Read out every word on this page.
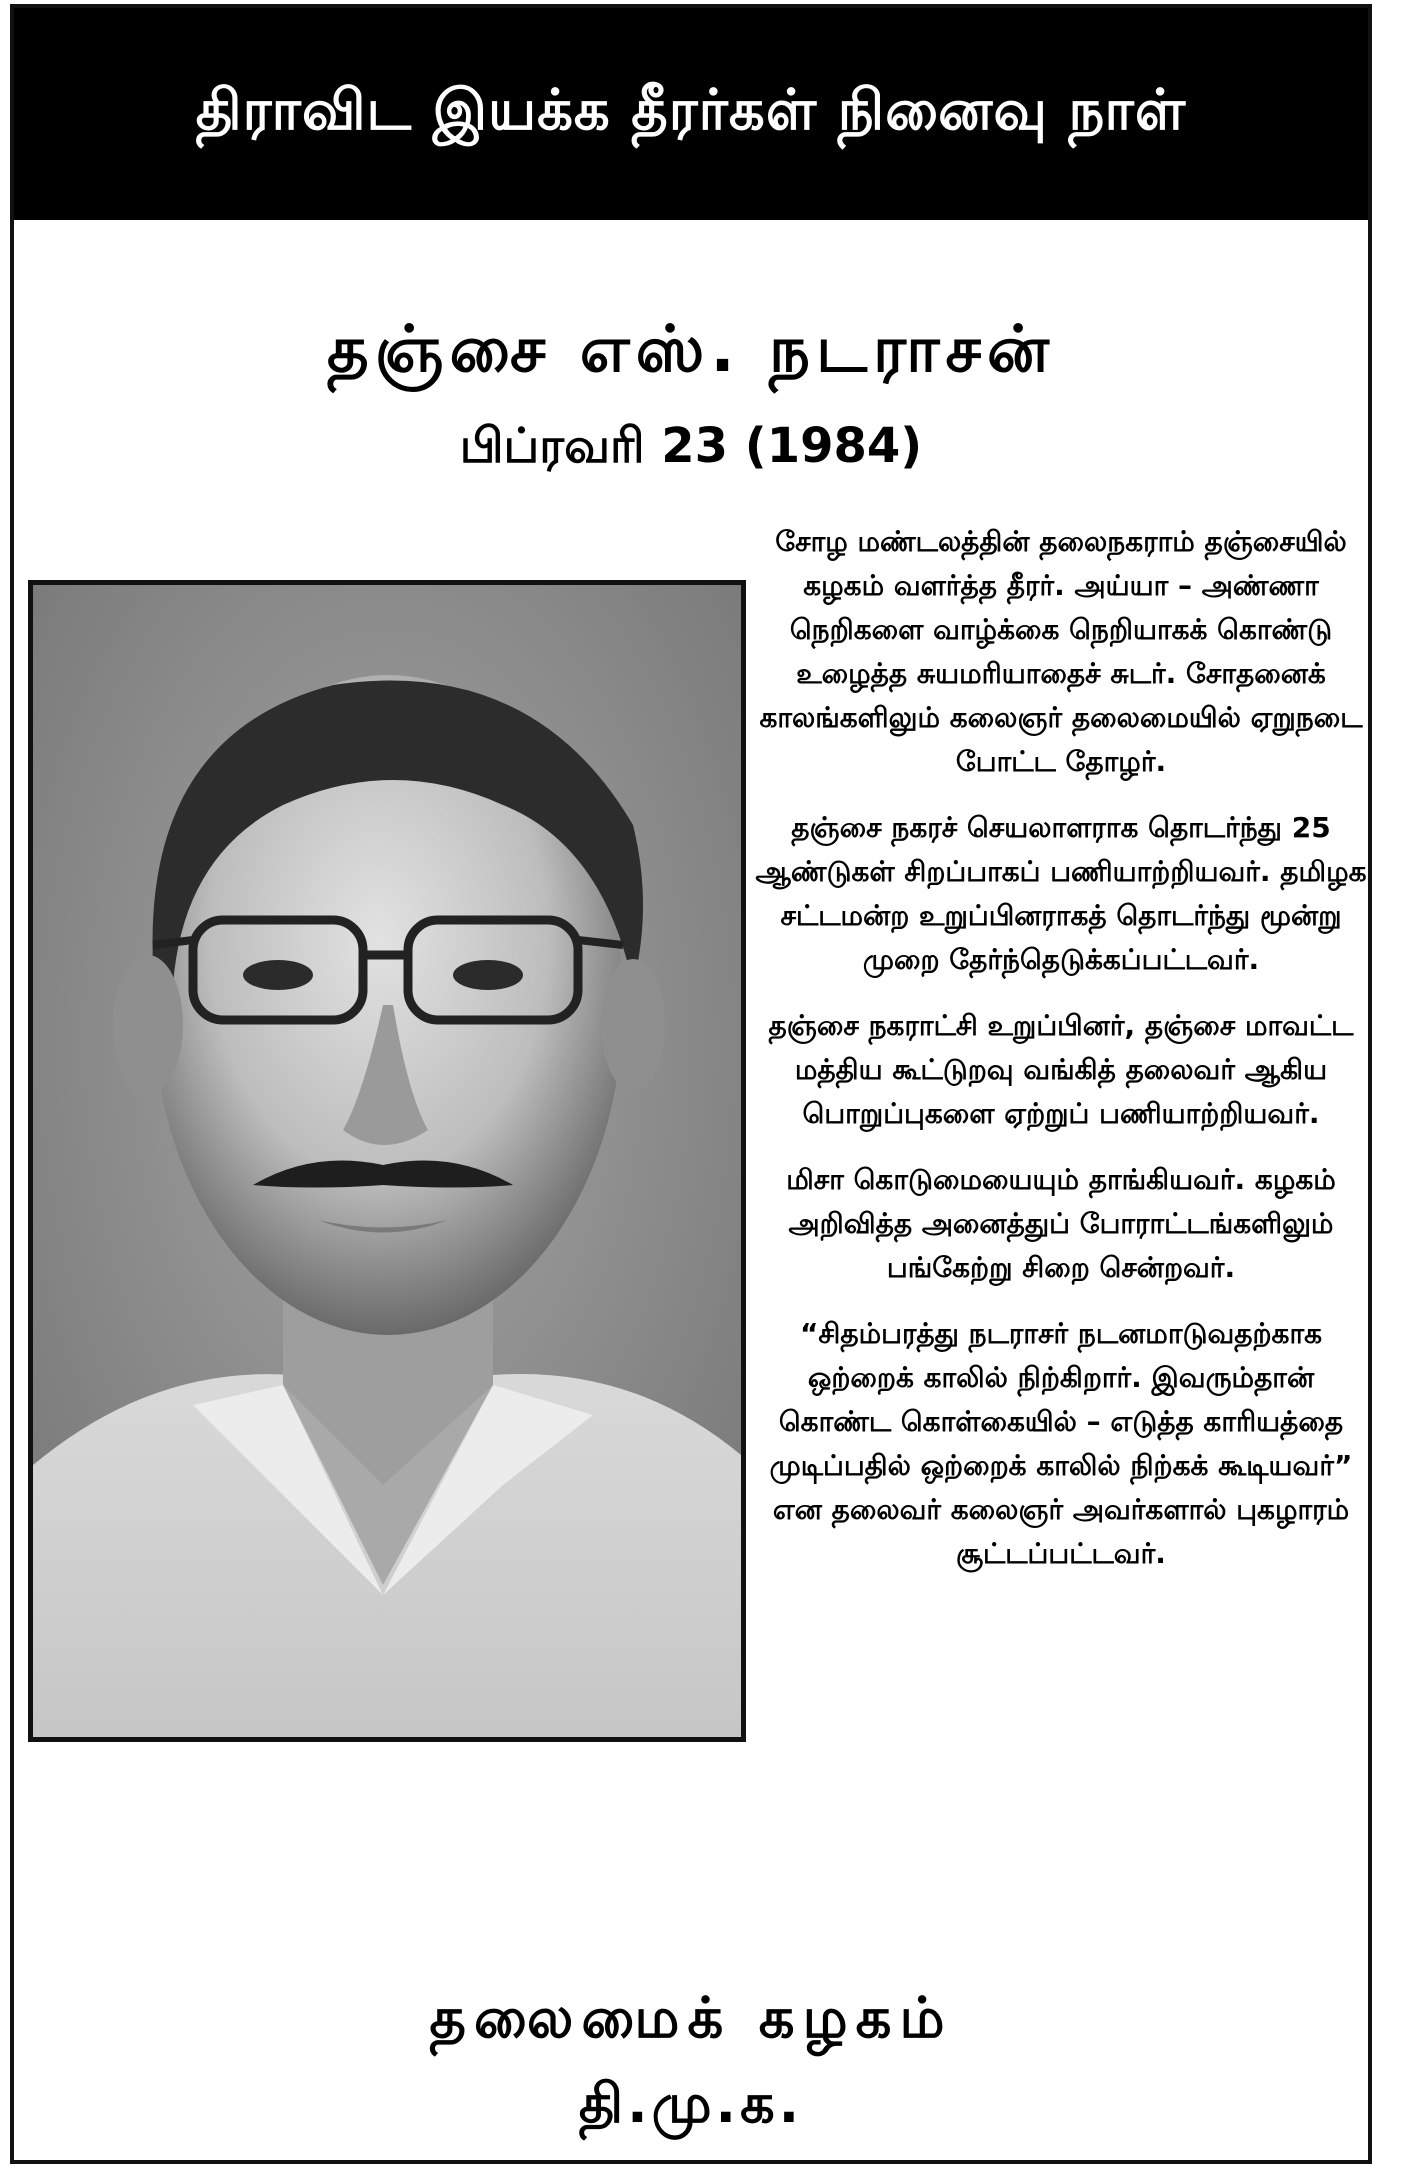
திராவிட இயக்க தீரர்கள் நினைவு நாள்
தஞ்சை எஸ். நடராசன்
பிப்ரவரி 23 (1984)

சோழ மண்டலத்தின் தலைநகராம் தஞ்சையில் கழகம் வளர்த்த தீரர். அய்யா – அண்ணா நெறிகளை வாழ்க்கை நெறியாகக் கொண்டு உழைத்த சுயமரியாதைச் சுடர். சோதனைக் காலங்களிலும் கலைஞர் தலைமையில் ஏறுநடை போட்ட தோழர்.

தஞ்சை நகரச் செயலாளராக தொடர்ந்து 25 ஆண்டுகள் சிறப்பாகப் பணியாற்றியவர். தமிழக சட்டமன்ற உறுப்பினராகத் தொடர்ந்து மூன்று முறை தேர்ந்தெடுக்கப்பட்டவர்.

தஞ்சை நகராட்சி உறுப்பினர், தஞ்சை மாவட்ட மத்திய கூட்டுறவு வங்கித் தலைவர் ஆகிய பொறுப்புகளை ஏற்றுப் பணியாற்றியவர்.

மிசா கொடுமையையும் தாங்கியவர். கழகம் அறிவித்த அனைத்துப் போராட்டங்களிலும் பங்கேற்று சிறை சென்றவர்.

“சிதம்பரத்து நடராசர் நடனமாடுவதற்காக ஒற்றைக் காலில் நிற்கிறார். இவரும்தான் கொண்ட கொள்கையில் – எடுத்த காரியத்தை முடிப்பதில் ஒற்றைக் காலில் நிற்கக் கூடியவர்” என தலைவர் கலைஞர் அவர்களால் புகழாரம் சூட்டப்பட்டவர்.

தலைமைக் கழகம்
தி.மு.க.
